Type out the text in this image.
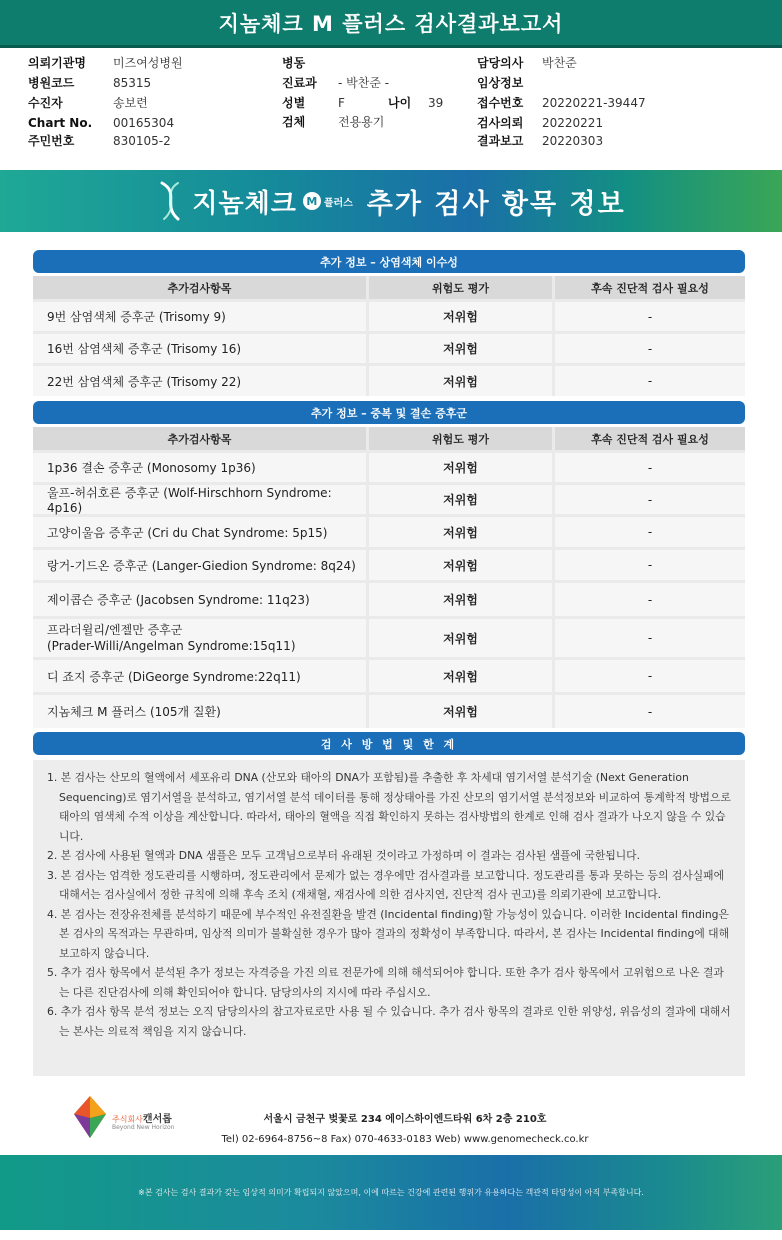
지놈체크 M 플러스 검사결과보고서
의뢰기관명 미즈여성병원
병원코드	85315
수진자	송보련
Chart No. 00165304
주민번호	830105-2
병동
진료과 - 박찬준 -
성별	F	나이 39
검체	전용용기
담당의사 박찬준
임상정보
접수번호 20220221-39447
검사의뢰 20220221
결과보고 20220303
지놈체크 M 플러스 추가 검사 항목 정보
추가 정보 – 상염색체 이수성
추가검사항목	위험도 평가	후속 진단적 검사 필요성
9번 삼염색체 증후군 (Trisomy 9)	저위험	-
16번 삼염색체 증후군 (Trisomy 16)	저위험	-
22번 삼염색체 증후군 (Trisomy 22)	저위험	-
추가 정보 – 중복 및 결손 증후군
추가검사항목	위험도 평가	후속 진단적 검사 필요성
1p36 결손 증후군 (Monosomy 1p36)	저위험	-
울프-허쉬호른 증후군 (Wolf-Hirschhorn Syndrome: 4p16)
저위험	-
고양이울음 증후군 (Cri du Chat Syndrome: 5p15)	저위험	-
랑거-기드온 증후군 (Langer-Giedion Syndrome: 8q24)	저위험	-
제이콥슨 증후군 (Jacobsen Syndrome: 11q23)	저위험	-
프라더윌리/엔젤만 증후군
(Prader-Willi/Angelman Syndrome:15q11)
저위험	-
디 죠지 증후군 (DiGeorge Syndrome:22q11)	저위험	-
지놈체크 M 플러스 (105개 질환)	저위험	-
검 사 방 법 및 한 계

1. 본 검사는 산모의 혈액에서 세포유리 DNA (산모와 태아의 DNA가 포함됨)를 추출한 후 차세대 염기서열 분석기술 (Next Generation Sequencing)로 염기서열을 분석하고, 염기서열 분석 데이터를 통해 정상태아를 가진 산모의 염기서열 분석정보와 비교하여 통계학적 방법으로 태아의 염색체 수적 이상을 계산합니다. 따라서, 태아의 혈액을 직접 확인하지 못하는 검사방법의 한계로 인해 검사 결과가 나오지 않을 수 있습니다.

2. 본 검사에 사용된 혈액과 DNA 샘플은 모두 고객님으로부터 유래된 것이라고 가정하며 이 결과는 검사된 샘플에 국한됩니다.

3. 본 검사는 엄격한 정도관리를 시행하며, 정도관리에서 문제가 없는 경우에만 검사결과를 보고합니다. 정도관리를 통과 못하는 등의 검사실패에 대해서는 검사실에서 정한 규칙에 의해 후속 조치 (재채혈, 재검사에 의한 검사지연, 진단적 검사 권고)를 의뢰기관에 보고합니다.

4. 본 검사는 전장유전체를 분석하기 때문에 부수적인 유전질환을 발견 (Incidental finding)할 가능성이 있습니다. 이러한 Incidental finding은 본 검사의 목적과는 무관하며, 임상적 의미가 불확실한 경우가 많아 결과의 정확성이 부족합니다. 따라서, 본 검사는 Incidental finding에 대해 보고하지 않습니다.

5. 추가 검사 항목에서 분석된 추가 정보는 자격증을 가진 의료 전문가에 의해 해석되어야 합니다. 또한 추가 검사 항목에서 고위험으로 나온 결과는 다른 진단검사에 의해 확인되어야 합니다. 담당의사의 지시에 따라 주십시오.

6. 추가 검사 항목 분석 정보는 오직 담당의사의 참고자료로만 사용 될 수 있습니다. 추가 검사 항목의 결과로 인한 위양성, 위음성의 결과에 대해서는 본사는 의료적 책임을 지지 않습니다.

주식회사캔서롭
Beyond New Horizon
서울시 금천구 벚꽃로 234 에이스하이엔드타워 6차 2층 210호
Tel) 02-6964-8756~8 Fax) 070-4633-0183 Web) www.genomecheck.co.kr
※본 검사는 검사 결과가 갖는 임상적 의미가 확립되지 않았으며, 이에 따르는 건강에 관련된 행위가 유용하다는 객관적 타당성이 아직 부족합니다.
